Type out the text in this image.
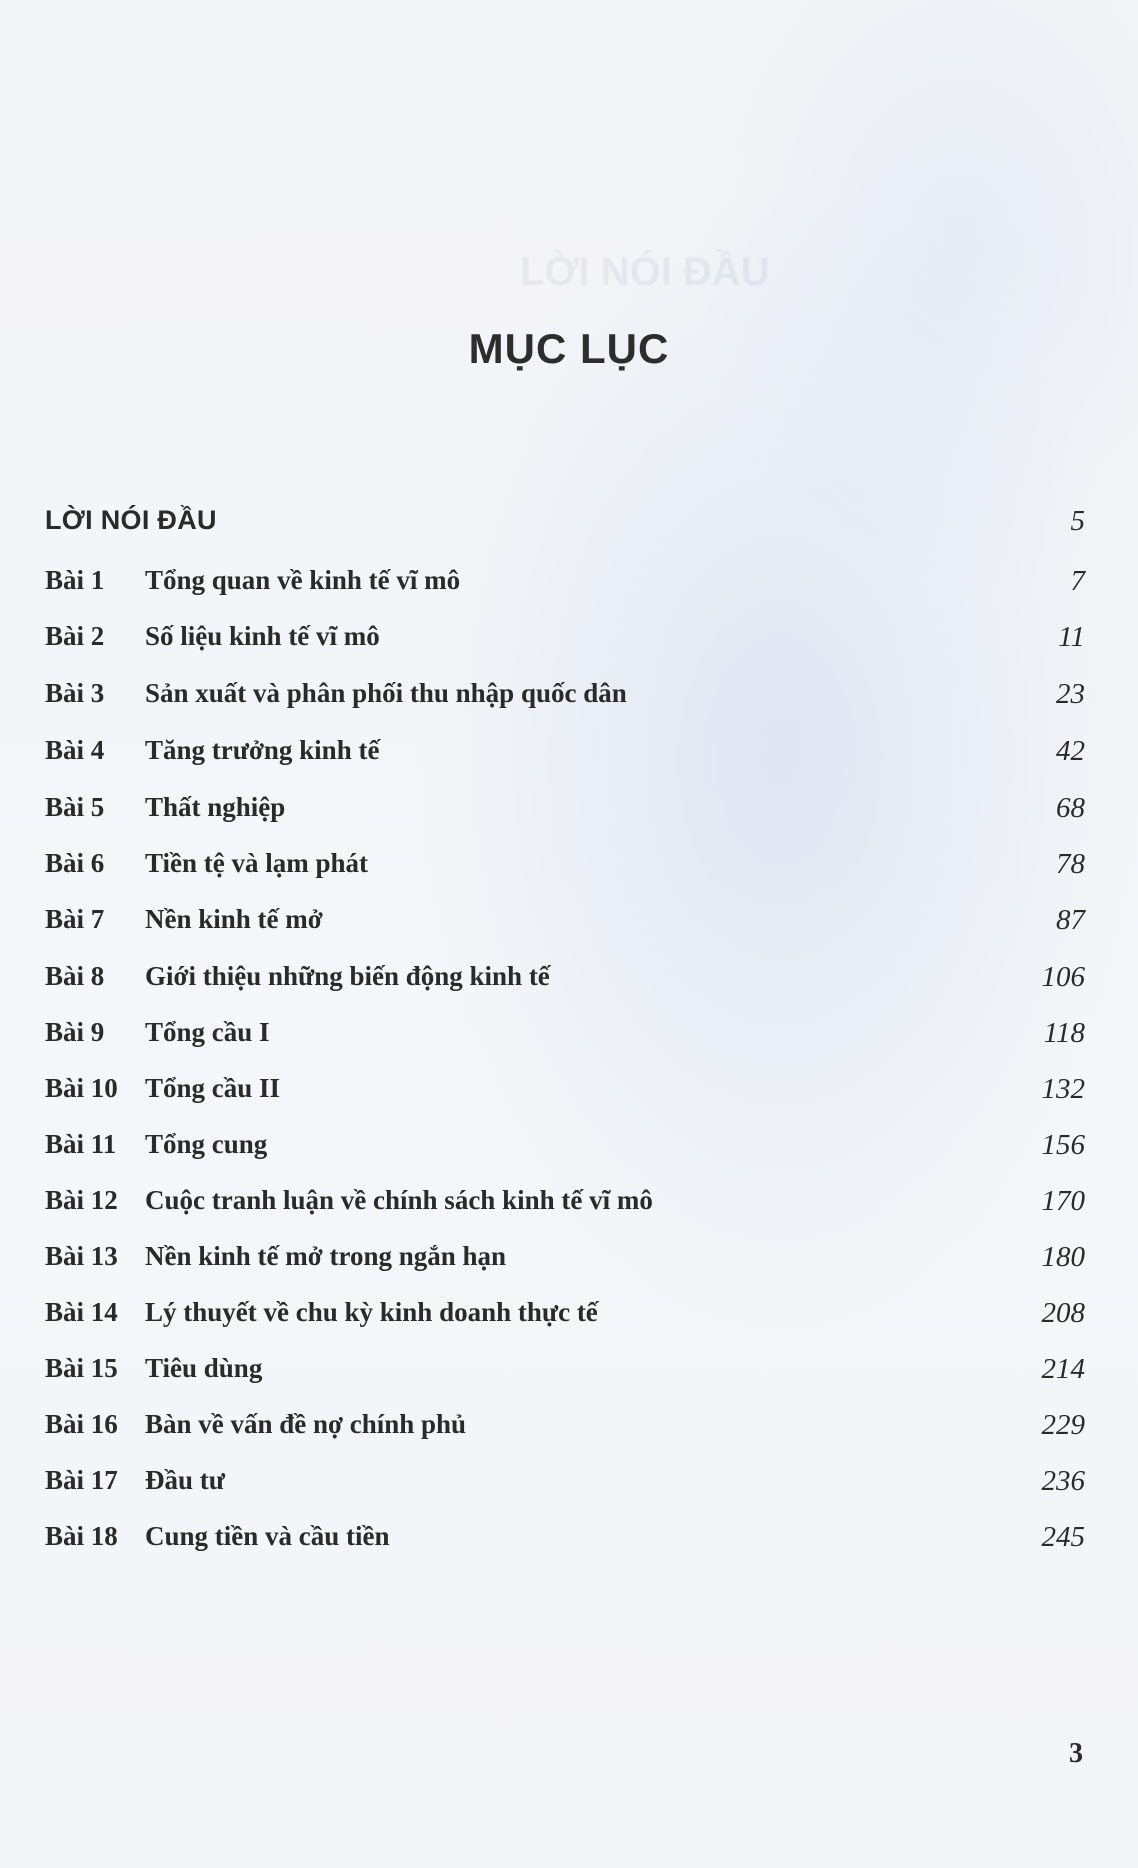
LỜI NÓI ĐẦU
MỤC LỤC
LỜI NÓI ĐẦU	5
Bài 1 Tổng quan về kinh tế vĩ mô	7
Bài 2 Số liệu kinh tế vĩ mô	11
Bài 3 Sản xuất và phân phối thu nhập quốc dân	23
Bài 4 Tăng trưởng kinh tế	42
Bài 5 Thất nghiệp	68
Bài 6 Tiền tệ và lạm phát	78
Bài 7 Nền kinh tế mở	87
Bài 8 Giới thiệu những biến động kinh tế	106
Bài 9 Tổng cầu I	118
Bài 10 Tổng cầu II	132
Bài 11 Tổng cung	156
Bài 12 Cuộc tranh luận về chính sách kinh tế vĩ mô	170
Bài 13 Nền kinh tế mở trong ngắn hạn	180
Bài 14 Lý thuyết về chu kỳ kinh doanh thực tế	208
Bài 15 Tiêu dùng	214
Bài 16 Bàn về vấn đề nợ chính phủ	229
Bài 17 Đầu tư	236
Bài 18 Cung tiền và cầu tiền	245
3
